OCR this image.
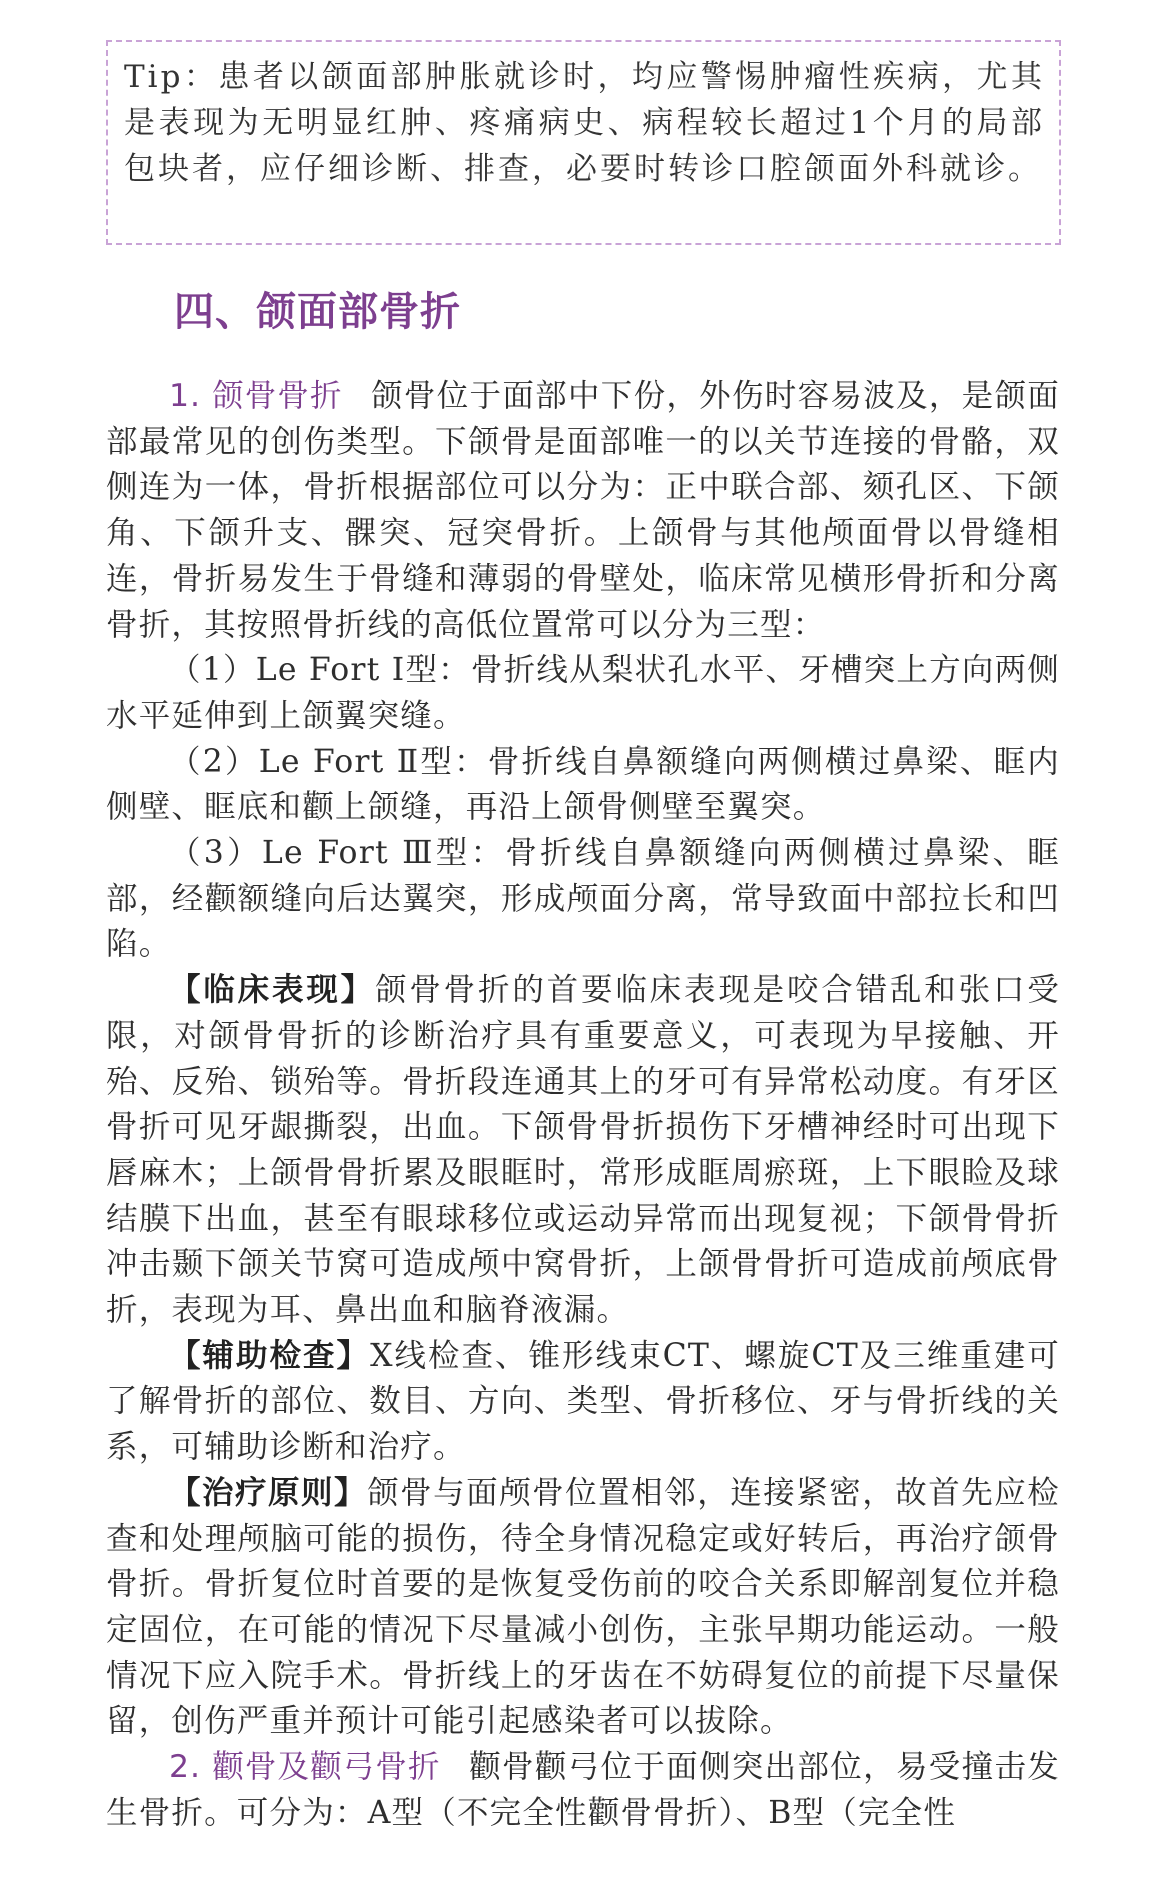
Tip：患者以颌面部肿胀就诊时，均应警惕肿瘤性疾病，尤其是表现为无明显红肿、疼痛病史、病程较长超过1个月的局部包块者，应仔细诊断、排查，必要时转诊口腔颌面外科就诊。
四、颌面部骨折

1. 颌骨骨折 颌骨位于面部中下份，外伤时容易波及，是颌面部最常见的创伤类型。下颌骨是面部唯一的以关节连接的骨骼，双侧连为一体，骨折根据部位可以分为：正中联合部、颏孔区、下颌角、下颌升支、髁突、冠突骨折。上颌骨与其他颅面骨以骨缝相连，骨折易发生于骨缝和薄弱的骨壁处，临床常见横形骨折和分离骨折，其按照骨折线的高低位置常可以分为三型：

（1）Le Fort Ⅰ型：骨折线从梨状孔水平、牙槽突上方向两侧水平延伸到上颌翼突缝。

（2）Le Fort Ⅱ型：骨折线自鼻额缝向两侧横过鼻梁、眶内侧壁、眶底和颧上颌缝，再沿上颌骨侧壁至翼突。

（3）Le Fort Ⅲ型：骨折线自鼻额缝向两侧横过鼻梁、眶部，经颧额缝向后达翼突，形成颅面分离，常导致面中部拉长和凹陷。

【临床表现】颌骨骨折的首要临床表现是咬合错乱和张口受限，对颌骨骨折的诊断治疗具有重要意义，可表现为早接触、开殆、反殆、锁殆等。骨折段连通其上的牙可有异常松动度。有牙区骨折可见牙龈撕裂，出血。下颌骨骨折损伤下牙槽神经时可出现下唇麻木；上颌骨骨折累及眼眶时，常形成眶周瘀斑，上下眼睑及球结膜下出血，甚至有眼球移位或运动异常而出现复视；下颌骨骨折冲击颞下颌关节窝可造成颅中窝骨折，上颌骨骨折可造成前颅底骨折，表现为耳、鼻出血和脑脊液漏。

【辅助检查】X线检查、锥形线束CT、螺旋CT及三维重建可了解骨折的部位、数目、方向、类型、骨折移位、牙与骨折线的关系，可辅助诊断和治疗。

【治疗原则】颌骨与面颅骨位置相邻，连接紧密，故首先应检查和处理颅脑可能的损伤，待全身情况稳定或好转后，再治疗颌骨骨折。骨折复位时首要的是恢复受伤前的咬合关系即解剖复位并稳定固位，在可能的情况下尽量减小创伤，主张早期功能运动。一般情况下应入院手术。骨折线上的牙齿在不妨碍复位的前提下尽量保留，创伤严重并预计可能引起感染者可以拔除。

2. 颧骨及颧弓骨折 颧骨颧弓位于面侧突出部位，易受撞击发生骨折。可分为：A型（不完全性颧骨骨折）、B型（完全性
